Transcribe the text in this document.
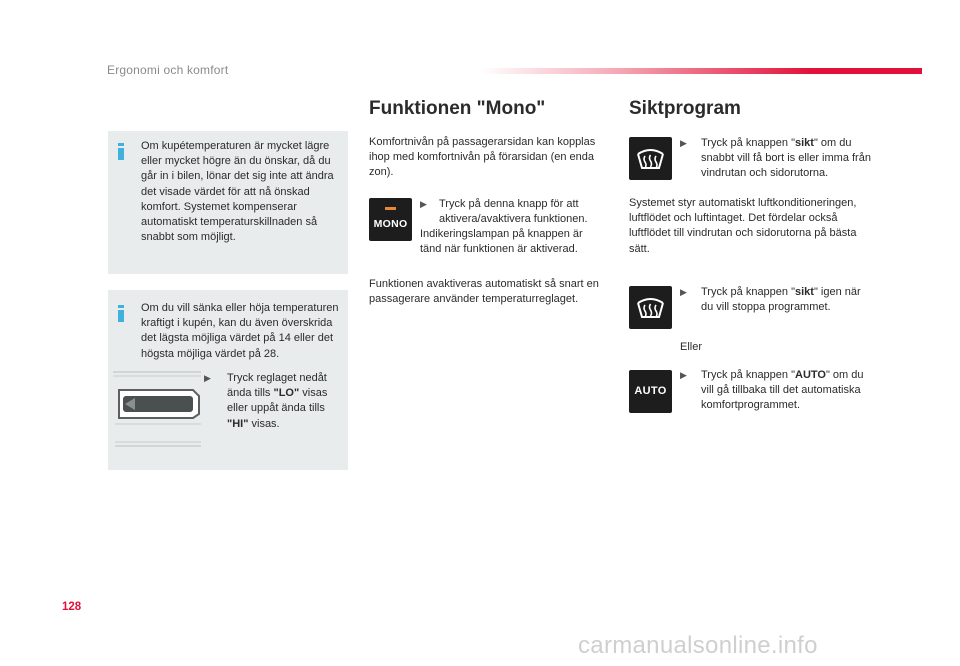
Ergonomi och komfort
Om kupétemperaturen är mycket lägre eller mycket högre än du önskar, då du går in i bilen, lönar det sig inte att ändra det visade värdet för att nå önskad komfort. Systemet kompenserar automatiskt temperaturskillnaden så snabbt som möjligt.
Om du vill sänka eller höja temperaturen kraftigt i kupén, kan du även överskrida det lägsta möjliga värdet på 14 eller det högsta möjliga värdet på 28.
▶	Tryck reglaget nedåt ända tills "LO" visas eller uppåt ända tills "HI" visas.
Funktionen "Mono"
Komfortnivån på passagerarsidan kan kopplas ihop med komfortnivån på förarsidan (en enda zon).
MONO
▶	Tryck på denna knapp för att aktivera/avaktivera funktionen.
Indikeringslampan på knappen är tänd när funktionen är aktiverad.
Funktionen avaktiveras automatiskt så snart en passagerare använder temperaturreglaget.
Siktprogram
▶	Tryck på knappen "sikt" om du snabbt vill få bort is eller imma från vindrutan och sidorutorna.
Systemet styr automatiskt luftkonditioneringen, luftflödet och luftintaget. Det fördelar också luftflödet till vindrutan och sidorutorna på bästa sätt.
▶	Tryck på knappen "sikt" igen när du vill stoppa programmet.
Eller
AUTO
▶	Tryck på knappen "AUTO" om du vill gå tillbaka till det automatiska komfortprogrammet.
128
carmanualsonline.info
